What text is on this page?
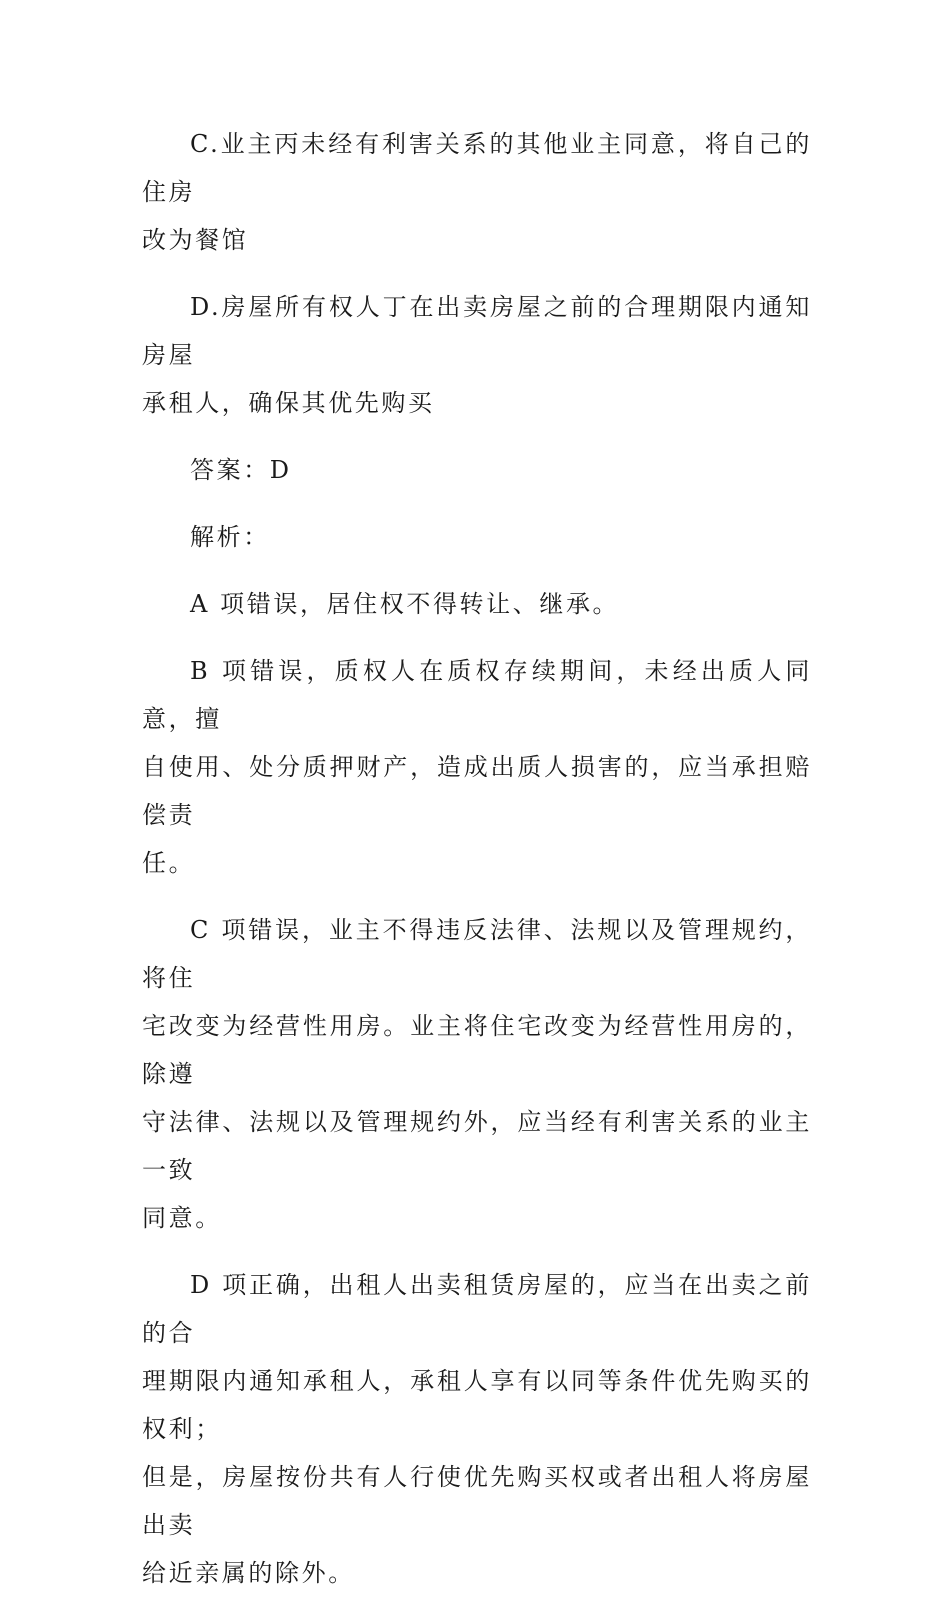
C.业主丙未经有利害关系的其他业主同意，将自己的住房
改为餐馆

D.房屋所有权人丁在出卖房屋之前的合理期限内通知房屋
承租人，确保其优先购买

答案：D

解析：

A 项错误，居住权不得转让、继承。

B 项错误，质权人在质权存续期间，未经出质人同意，擅
自使用、处分质押财产，造成出质人损害的，应当承担赔偿责
任。

C 项错误，业主不得违反法律、法规以及管理规约，将住
宅改变为经营性用房。业主将住宅改变为经营性用房的，除遵
守法律、法规以及管理规约外，应当经有利害关系的业主一致
同意。

D 项正确，出租人出卖租赁房屋的，应当在出卖之前的合
理期限内通知承租人，承租人享有以同等条件优先购买的权利；
但是，房屋按份共有人行使优先购买权或者出租人将房屋出卖
给近亲属的除外。
